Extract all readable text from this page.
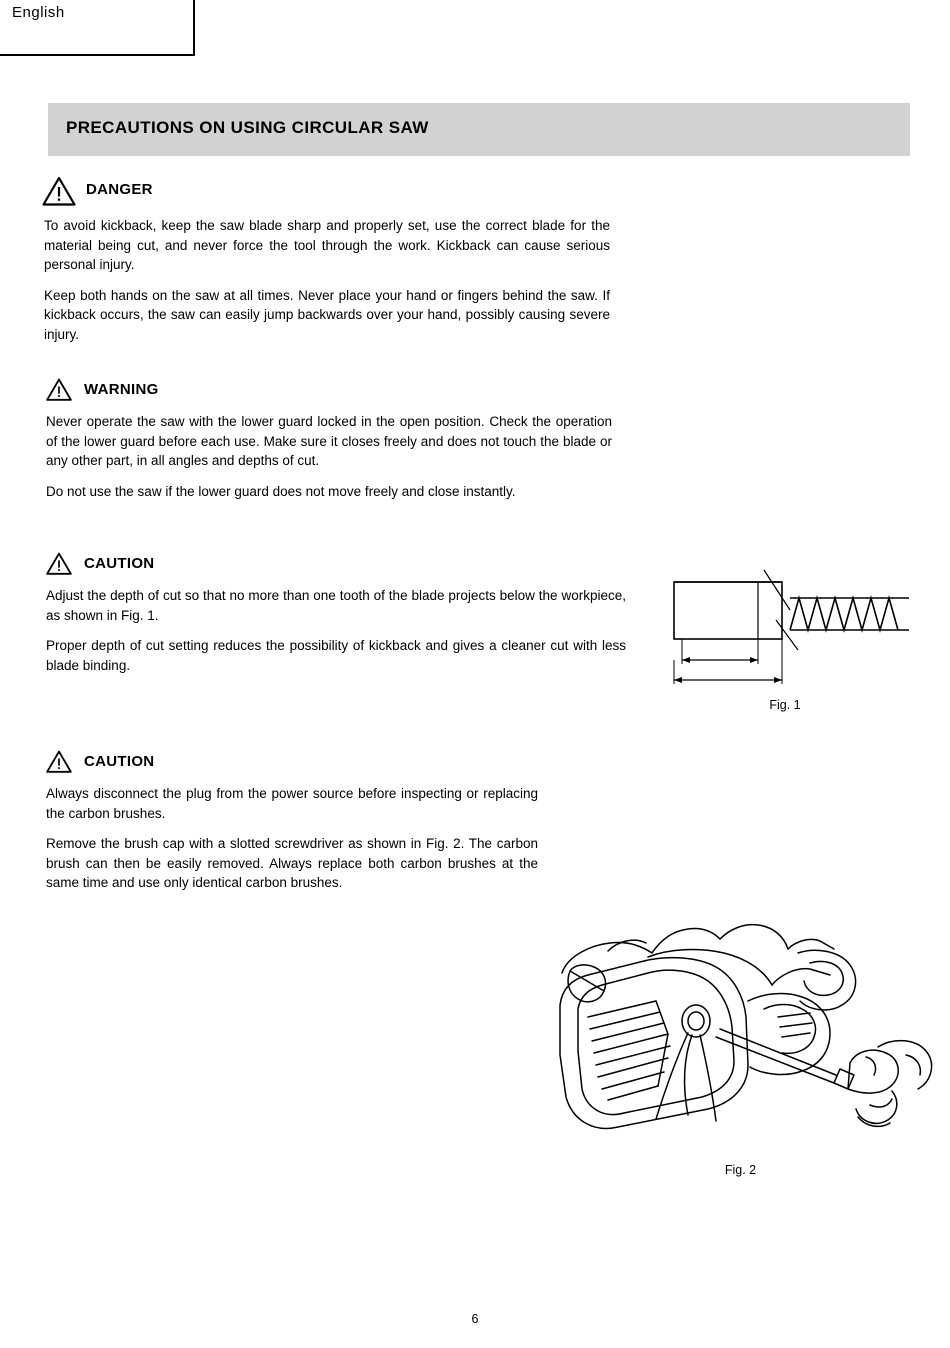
English
PRECAUTIONS ON USING CIRCULAR SAW
DANGER

To avoid kickback, keep the saw blade sharp and properly set, use the correct blade for the material being cut, and never force the tool through the work. Kickback can cause serious personal injury.

Keep both hands on the saw at all times. Never place your hand or fingers behind the saw. If kickback occurs, the saw can easily jump backwards over your hand, possibly causing severe injury.

WARNING

Never operate the saw with the lower guard locked in the open position. Check the operation of the lower guard before each use. Make sure it closes freely and does not touch the blade or any other part, in all angles and depths of cut.

Do not use the saw if the lower guard does not move freely and close instantly.

CAUTION

Adjust the depth of cut so that no more than one tooth of the blade projects below the workpiece, as shown in Fig. 1.

Proper depth of cut setting reduces the possibility of kickback and gives a cleaner cut with less blade binding.

CAUTION

Always disconnect the plug from the power source before inspecting or replacing the carbon brushes.

Remove the brush cap with a slotted screwdriver as shown in Fig. 2. The carbon brush can then be easily removed. Always replace both carbon brushes at the same time and use only identical carbon brushes.

Fig. 1
Fig. 2
6
